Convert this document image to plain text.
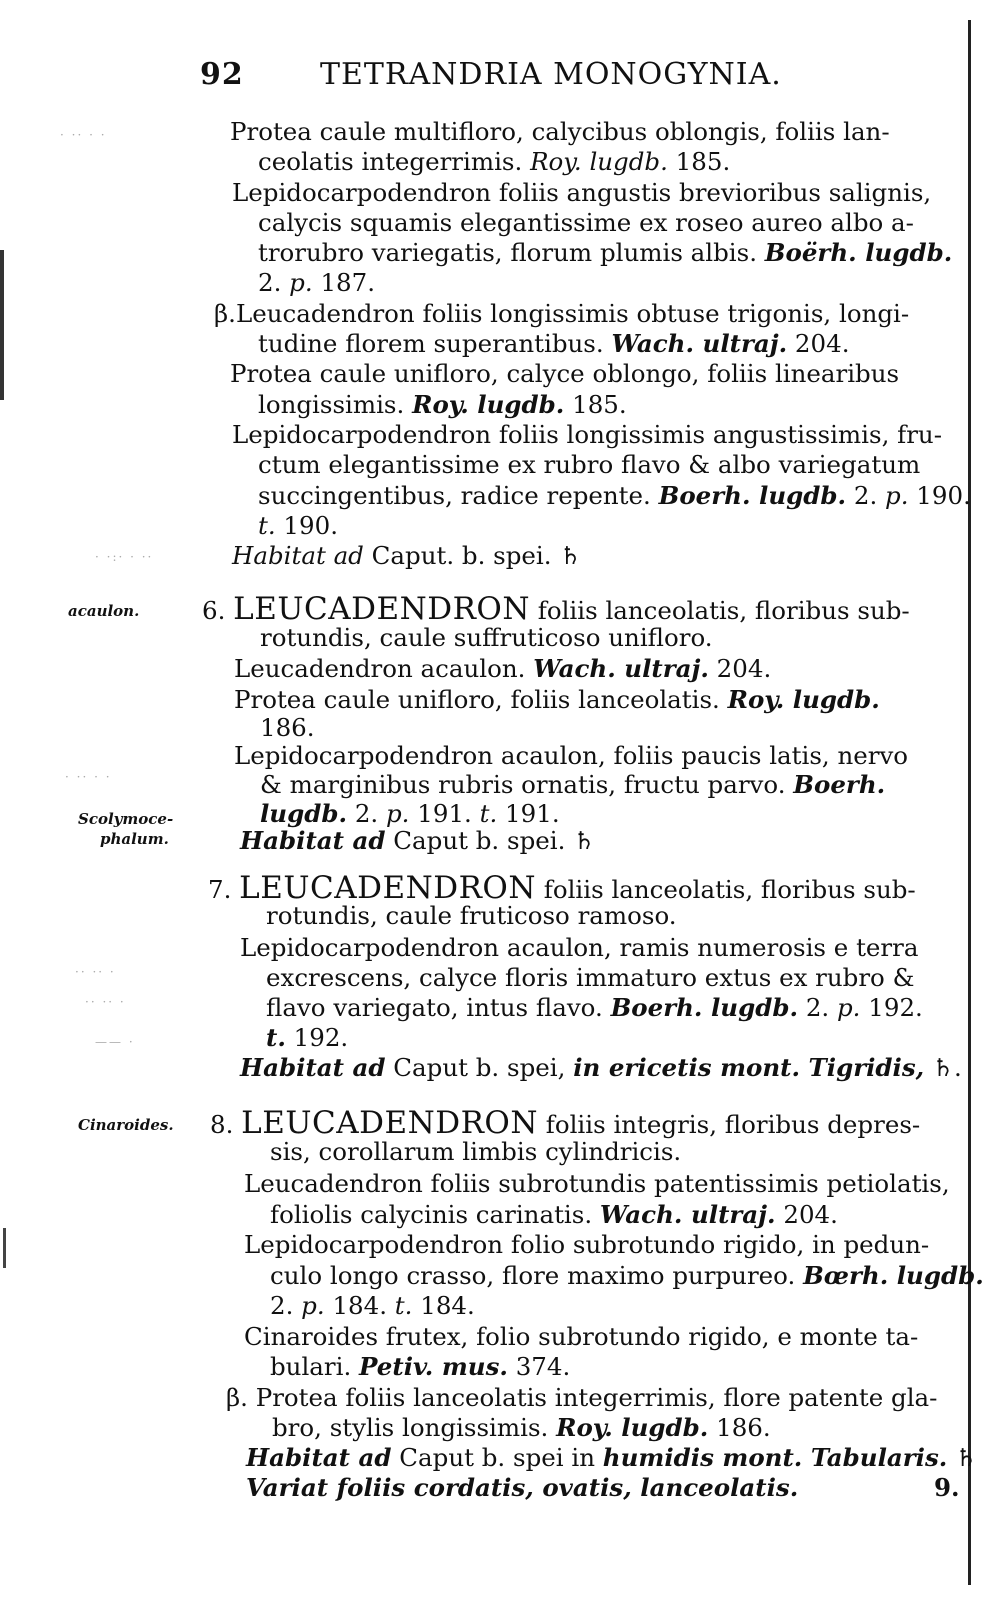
92	TETRANDRIA MONOGYNIA.
· ·· · ·
· ·:· · ··
· ·· · ·
·· ·· ·
·· ·· ·
—— ·
acaulon.
Scolymoce-
phalum.
Cinaroides.
Protea caule multifloro, calycibus oblongis, foliis lan-
ceolatis integerrimis. Roy. lugdb. 185.
Lepidocarpodendron foliis angustis brevioribus salignis,
calycis squamis elegantissime ex roseo aureo albo a-
trorubro variegatis, florum plumis albis. Boërh. lugdb.
2. p. 187.
β.Leucadendron foliis longissimis obtuse trigonis, longi-
tudine florem superantibus. Wach. ultraj. 204.
Protea caule unifloro, calyce oblongo, foliis linearibus
longissimis. Roy. lugdb. 185.
Lepidocarpodendron foliis longissimis angustissimis, fru-
ctum elegantissime ex rubro flavo & albo variegatum
succingentibus, radice repente. Boerh. lugdb. 2. p. 190.
t. 190.
Habitat ad Caput. b. spei. ♄
6. LEUCADENDRON foliis lanceolatis, floribus sub-
rotundis, caule suffruticoso unifloro.
Leucadendron acaulon. Wach. ultraj. 204.
Protea caule unifloro, foliis lanceolatis. Roy. lugdb.
186.
Lepidocarpodendron acaulon, foliis paucis latis, nervo
& marginibus rubris ornatis, fructu parvo. Boerh.
lugdb. 2. p. 191. t. 191.
Habitat ad Caput b. spei. ♄
7. LEUCADENDRON foliis lanceolatis, floribus sub-
rotundis, caule fruticoso ramoso.
Lepidocarpodendron acaulon, ramis numerosis e terra
excrescens, calyce floris immaturo extus ex rubro &
flavo variegato, intus flavo. Boerh. lugdb. 2. p. 192.
t. 192.
Habitat ad Caput b. spei, in ericetis mont. Tigridis, ♄.
8. LEUCADENDRON foliis integris, floribus depres-
sis, corollarum limbis cylindricis.
Leucadendron foliis subrotundis patentissimis petiolatis,
foliolis calycinis carinatis. Wach. ultraj. 204.
Lepidocarpodendron folio subrotundo rigido, in pedun-
culo longo crasso, flore maximo purpureo. Bœrh. lugdb.
2. p. 184. t. 184.
Cinaroides frutex, folio subrotundo rigido, e monte ta-
bulari. Petiv. mus. 374.
β. Protea foliis lanceolatis integerrimis, flore patente gla-
bro, stylis longissimis. Roy. lugdb. 186.
Habitat ad Caput b. spei in humidis mont. Tabularis. ♄
Variat foliis cordatis, ovatis, lanceolatis.	9.
